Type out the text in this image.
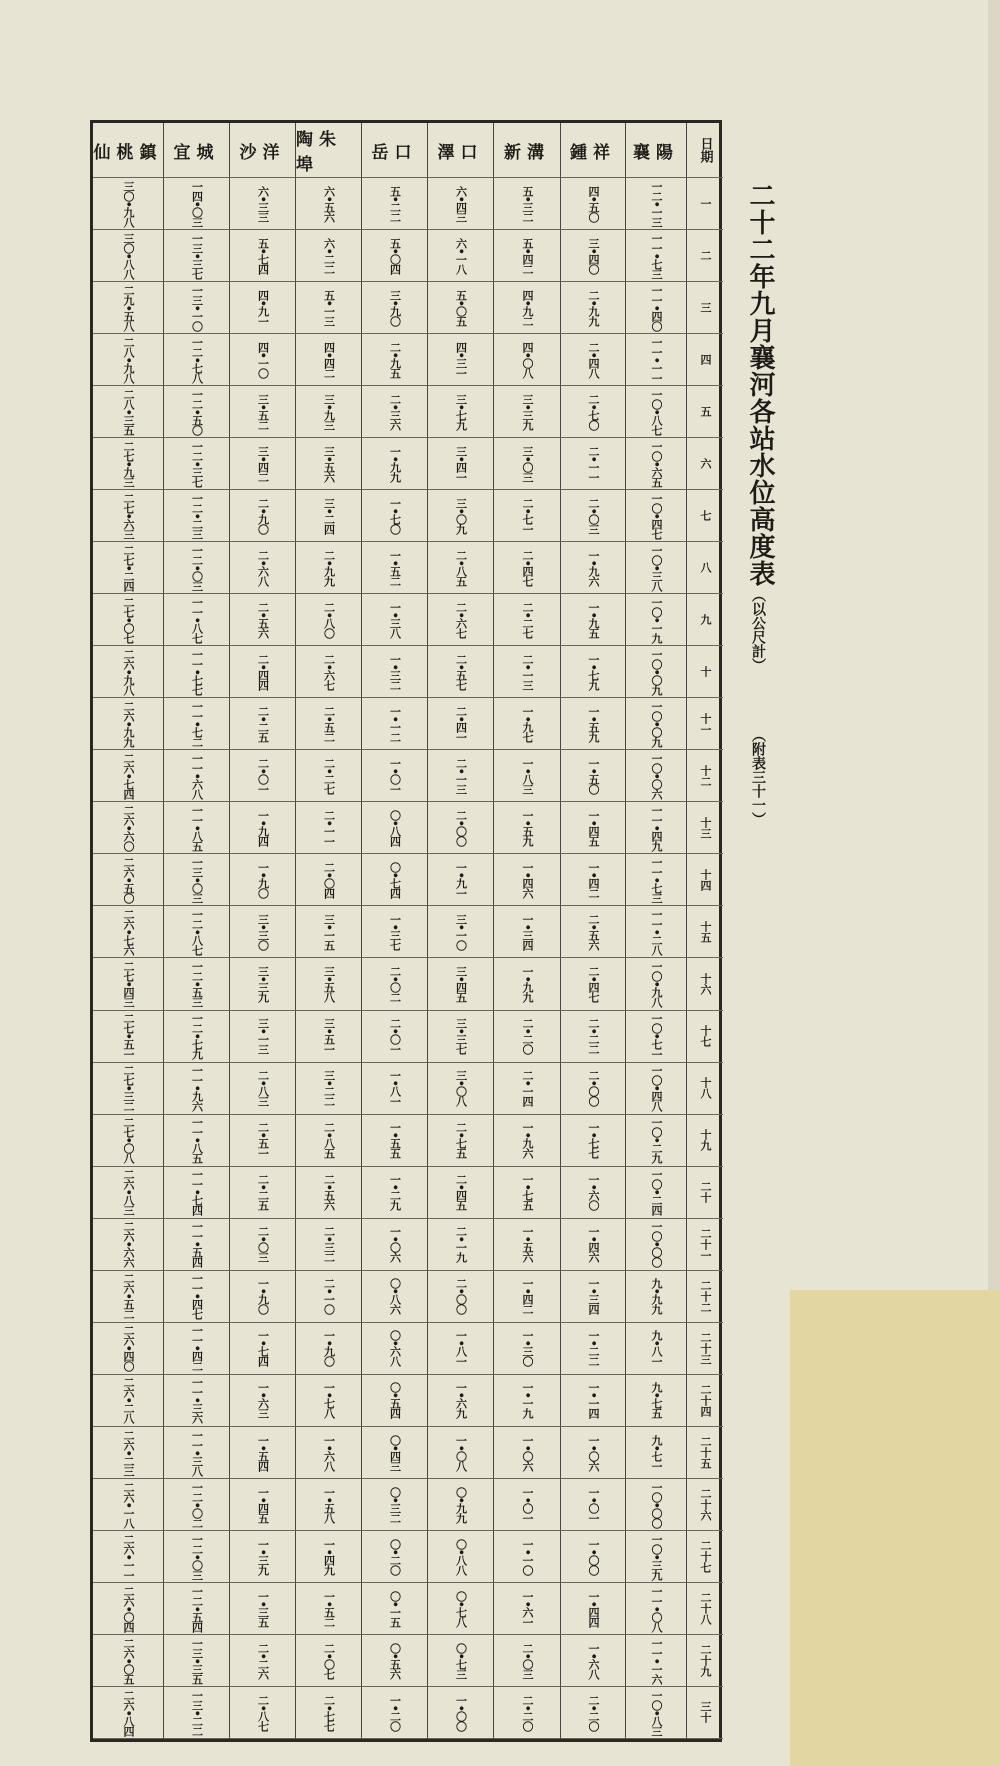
二十二年九月襄河各站水位高度表
（以公尺計）
（附表三十一）
日期
襄陽
鍾祥
新溝
澤口
岳口
陶朱埠
沙洋
宜城
仙桃鎮
一
一二•一三
四•五〇
五•三二
六•四三
五•二二
六•五六
六•三三
一四•〇三
三〇•九八
二
一一•七三
三•四〇
五•四二
六•一八
五•〇四
六•二二
五•七四
一三•三七
三〇•八八
三
一一•四〇
二•九九
四•九二
五•〇五
三•九〇
五•一三
四•九一
一三•一〇
二九•五八
四
一一•一一
二•四八
四•〇八
四•三一
二•九五
四•四二
四•一〇
一二•七八
二八•九八
五
一〇•八七
二•七〇
三•三九
三•七九
二•三六
三•九三
三•五二
一二•五〇
二八•三五
六
一〇•六五
二•一一
三•〇三
三•四一
一•九九
三•五六
三•四二
一二•三七
二七•九三
七
一〇•四七
二•〇三
二•七一
三•〇九
一•七〇
三•二四
二•九〇
一二•二三
二七•六三
八
一〇•三八
一•九六
二•四七
二•八五
一•五二
二•九九
二•六八
一二•〇三
二七•二四
九
一〇•一九
一•九五
二•二七
二•六七
一•三八
二•八〇
二•五六
一一•八七
二七•〇七
十
一〇•〇九
一•七九
二•一三
二•五七
一•三二
二•六七
二•四四
一一•七七
二六•九八
十一
一〇•〇九
一•五九
一•九七
二•四一
一•一二
二•五二
二•二五
一一•七二
二六•九九
十二
一〇•〇六
一•五〇
一•八三
二•一三
一•〇一
二•二七
二•〇一
一一•六八
二六•七四
十三
一一•四九
一•四五
一•五九
二•〇〇
〇•八四
二•一一
一•九四
一一•八五
二六•六〇
十四
一一•七三
一•四二
一•四六
一•九一
〇•七四
二•〇四
一•九〇
一三•〇三
二六•五〇
十五
一一•二八
二•五六
一•三四
三•一〇
一•三七
三•一五
三•三〇
一二•八七
二六•七六
十六
一〇•九八
二•四七
一•九九
三•四五
二•〇二
三•五八
三•三九
一二•五三
二七•四三
十七
一〇•七一
二•二二
二•二〇
三•三七
二•〇一
三•五一
三•一三
一二•七九
二七•五一
十八
一〇•四八
二•〇〇
二•一四
三•〇八
一•八一
三•二二
二•八三
一一•九六
二七•三二
十九
一〇•二九
一•七七
一•九六
二•七五
一•五五
二•八五
二•五一
一一•八五
二七•〇八
二十
一〇•二四
一•六〇
一•七五
二•四五
一•二九
二•五六
二•二五
一一•七四
二六•八三
二十一
一〇•〇〇
一•四六
一•五六
二•一九
一•〇六
二•三二
二•〇三
一一•五四
二六•六六
二十二
九•九九
一•三四
一•四二
二•〇〇
〇•八六
二•一〇
一•九〇
一一•四七
二六•五二
二十三
九•八一
一•二二
一•三〇
一•八一
〇•六八
一•九〇
一•七四
一一•四二
二六•四〇
二十四
九•七五
一•一四
一•一九
一•六九
〇•五四
一•七八
一•六三
一一•三六
二六•二八
二十五
九•七一
一•〇六
一•〇六
一•〇八
〇•四三
一•六八
一•五四
一一•三八
二六•二三
二十六
一〇•〇〇
一•〇一
一•〇一
〇•九九
〇•三二
一•五八
一•四五
一二•〇二
二六•一八
二十七
一〇•三九
一•〇〇
一•一〇
〇•八八
〇•二〇
一•四九
一•三九
一二•〇三
二六•一一
二十八
一一•〇八
一•四四
一•六一
〇•七八
〇•一五
一•五二
一•三五
一二•五四
二六•〇四
二十九
一一•一六
一•六八
二•〇三
〇•七三
〇•五六
二•〇七
二•二六
一三•三五
二六•〇五
三十
一〇•八三
二•二〇
二•二〇
一•〇〇
一•二〇
二•七七
二•八七
一三•二二
二六•八四
